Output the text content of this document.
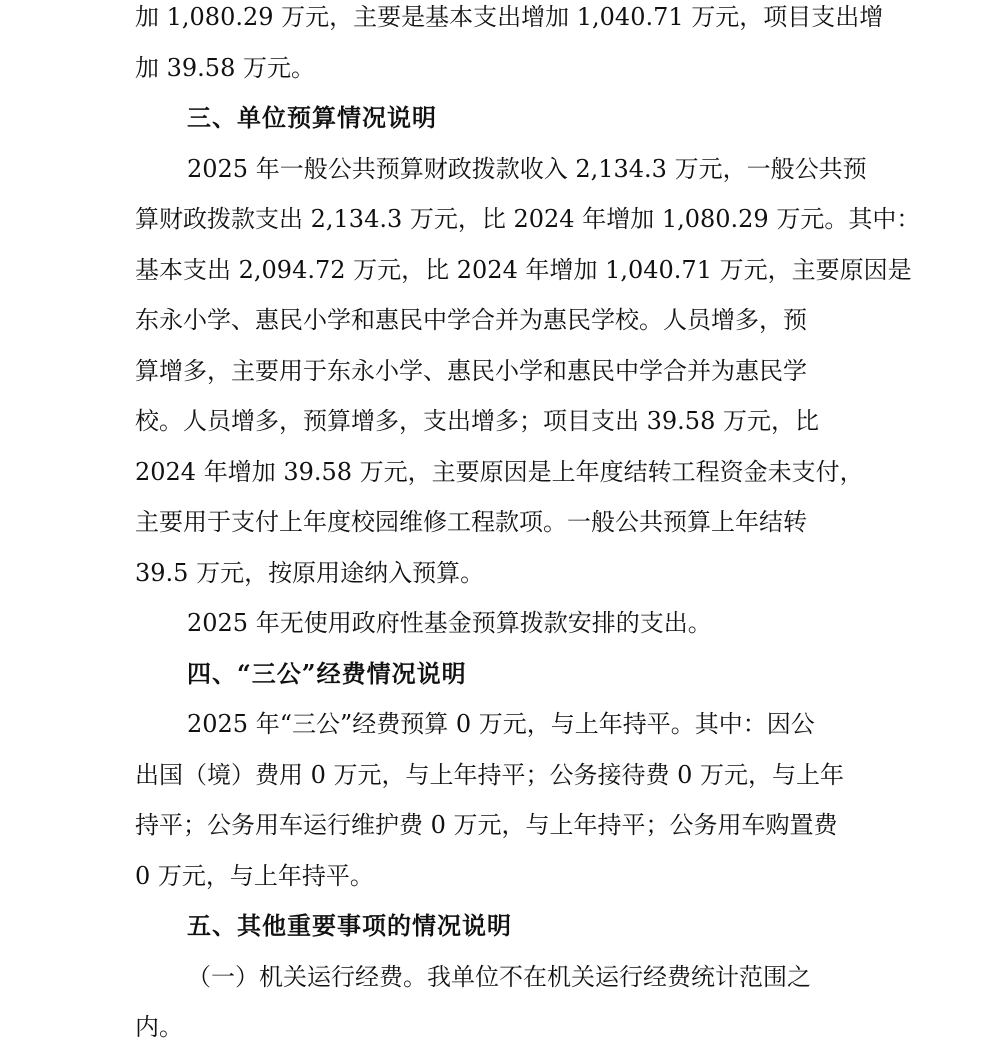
加 1,080.29 万元，主要是基本支出增加 1,040.71 万元，项目支出增
加 39.58 万元。
三、单位预算情况说明
2025 年一般公共预算财政拨款收入 2,134.3 万元，一般公共预
算财政拨款支出 2,134.3 万元，比 2024 年增加 1,080.29 万元。其中：
基本支出 2,094.72 万元，比 2024 年增加 1,040.71 万元，主要原因是
东永小学、惠民小学和惠民中学合并为惠民学校。人员增多，预
算增多，主要用于东永小学、惠民小学和惠民中学合并为惠民学
校。人员增多，预算增多，支出增多；项目支出 39.58 万元，比
2024 年增加 39.58 万元，主要原因是上年度结转工程资金未支付，
主要用于支付上年度校园维修工程款项。一般公共预算上年结转
39.5 万元，按原用途纳入预算。
2025 年无使用政府性基金预算拨款安排的支出。
四、“三公”经费情况说明
2025 年“三公”经费预算 0 万元，与上年持平。其中：因公
出国（境）费用 0 万元，与上年持平；公务接待费 0 万元，与上年
持平；公务用车运行维护费 0 万元，与上年持平；公务用车购置费
0 万元，与上年持平。
五、其他重要事项的情况说明
（一）机关运行经费。我单位不在机关运行经费统计范围之
内。
